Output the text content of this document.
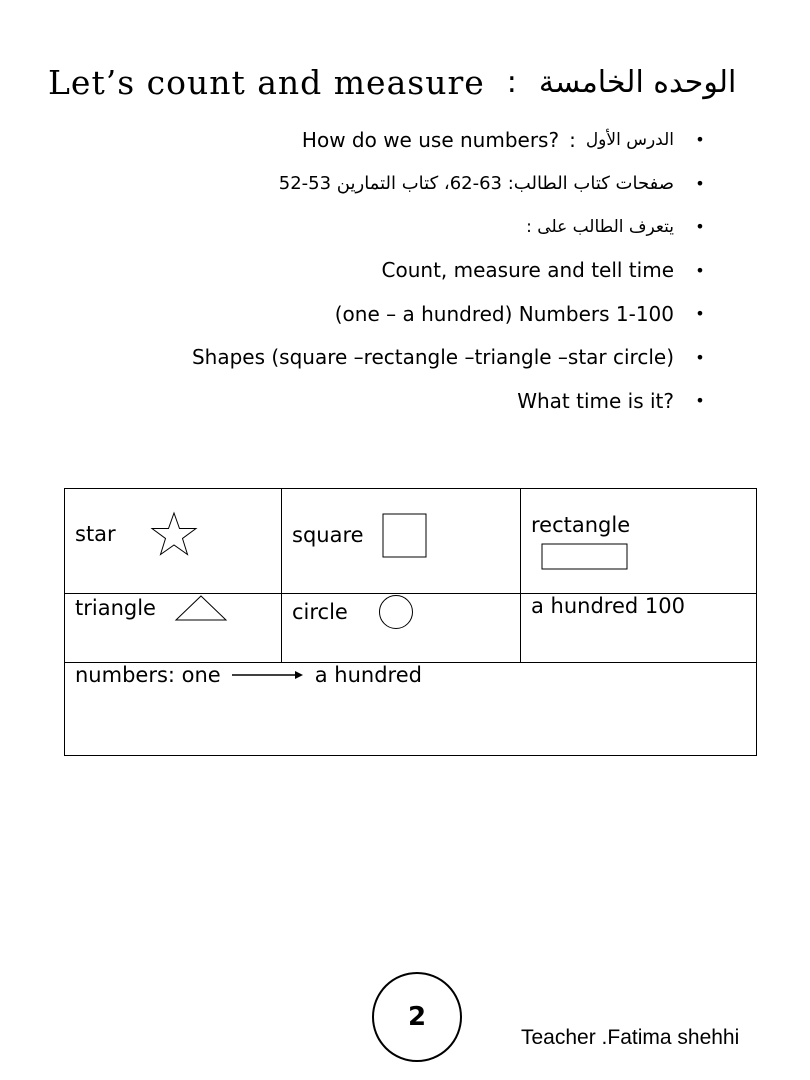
Let’s count and measure : الوحده الخامسة
How do we use numbers? : الدرس الأول	•
صفحات كتاب الطالب: 63-62، كتاب التمارين 53-52	•
يتعرف الطالب على :	•
Count, measure and tell time	•
(one – a hundred) Numbers 1-100	•
Shapes (square –rectangle –triangle –star circle)	•
What time is it?	•
star	square	rectangle

triangle	circle	a hundred 100

numbers: one a hundred		
2
Teacher .Fatima shehhi
